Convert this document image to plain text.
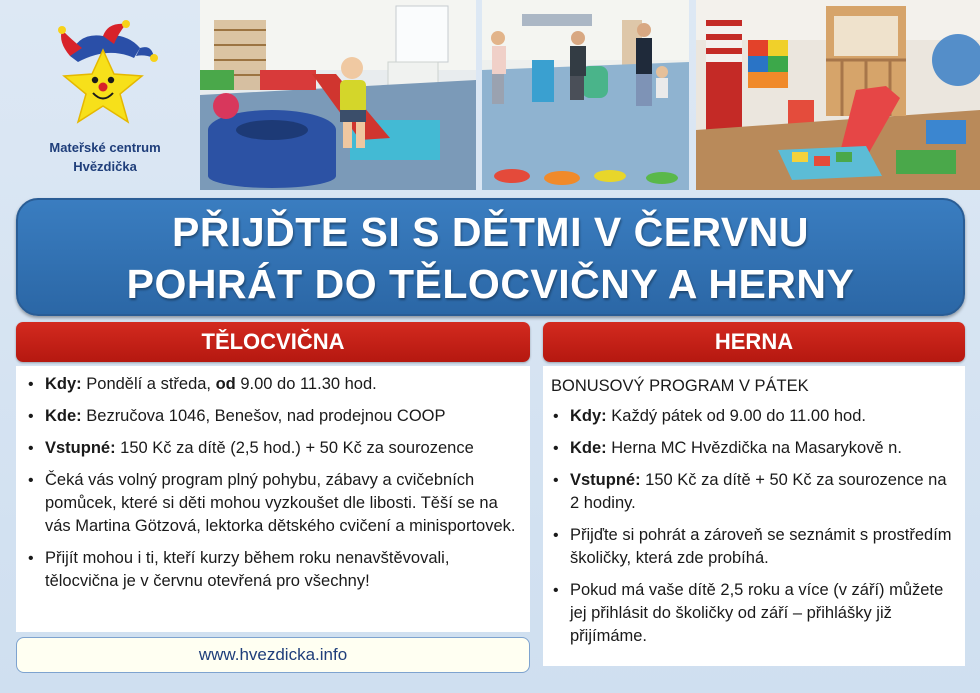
Mateřské centrum
Hvězdička
PŘIJĎTE SI S DĚTMI V ČERVNU
POHRÁT DO TĚLOCVIČNY A HERNY
TĚLOCVIČNA
• Kdy: Pondělí a středa, od 9.00 do 11.30 hod.
• Kde: Bezručova 1046, Benešov, nad prodejnou COOP
• Vstupné: 150 Kč za dítě (2,5 hod.) + 50 Kč za sourozence
• Čeká vás volný program plný pohybu, zábavy a cvičebních pomůcek, které si děti mohou vyzkoušet dle libosti. Těší se na vás Martina Götzová, lektorka dětského cvičení a minisportovek.
• Přijít mohou i ti, kteří kurzy během roku nenavštěvovali, tělocvična je v červnu otevřená pro všechny!
www.hvezdicka.info
HERNA
BONUSOVÝ PROGRAM V PÁTEK
• Kdy: Každý pátek od 9.00 do 11.00 hod.
• Kde: Herna MC Hvězdička na Masarykově n.
• Vstupné: 150 Kč za dítě + 50 Kč za sourozence na 2 hodiny.
• Přijďte si pohrát a zároveň se seznámit s prostředím školičky, která zde probíhá.
• Pokud má vaše dítě 2,5 roku a více (v září) můžete jej přihlásit do školičky od září – přihlášky již přijímáme.
